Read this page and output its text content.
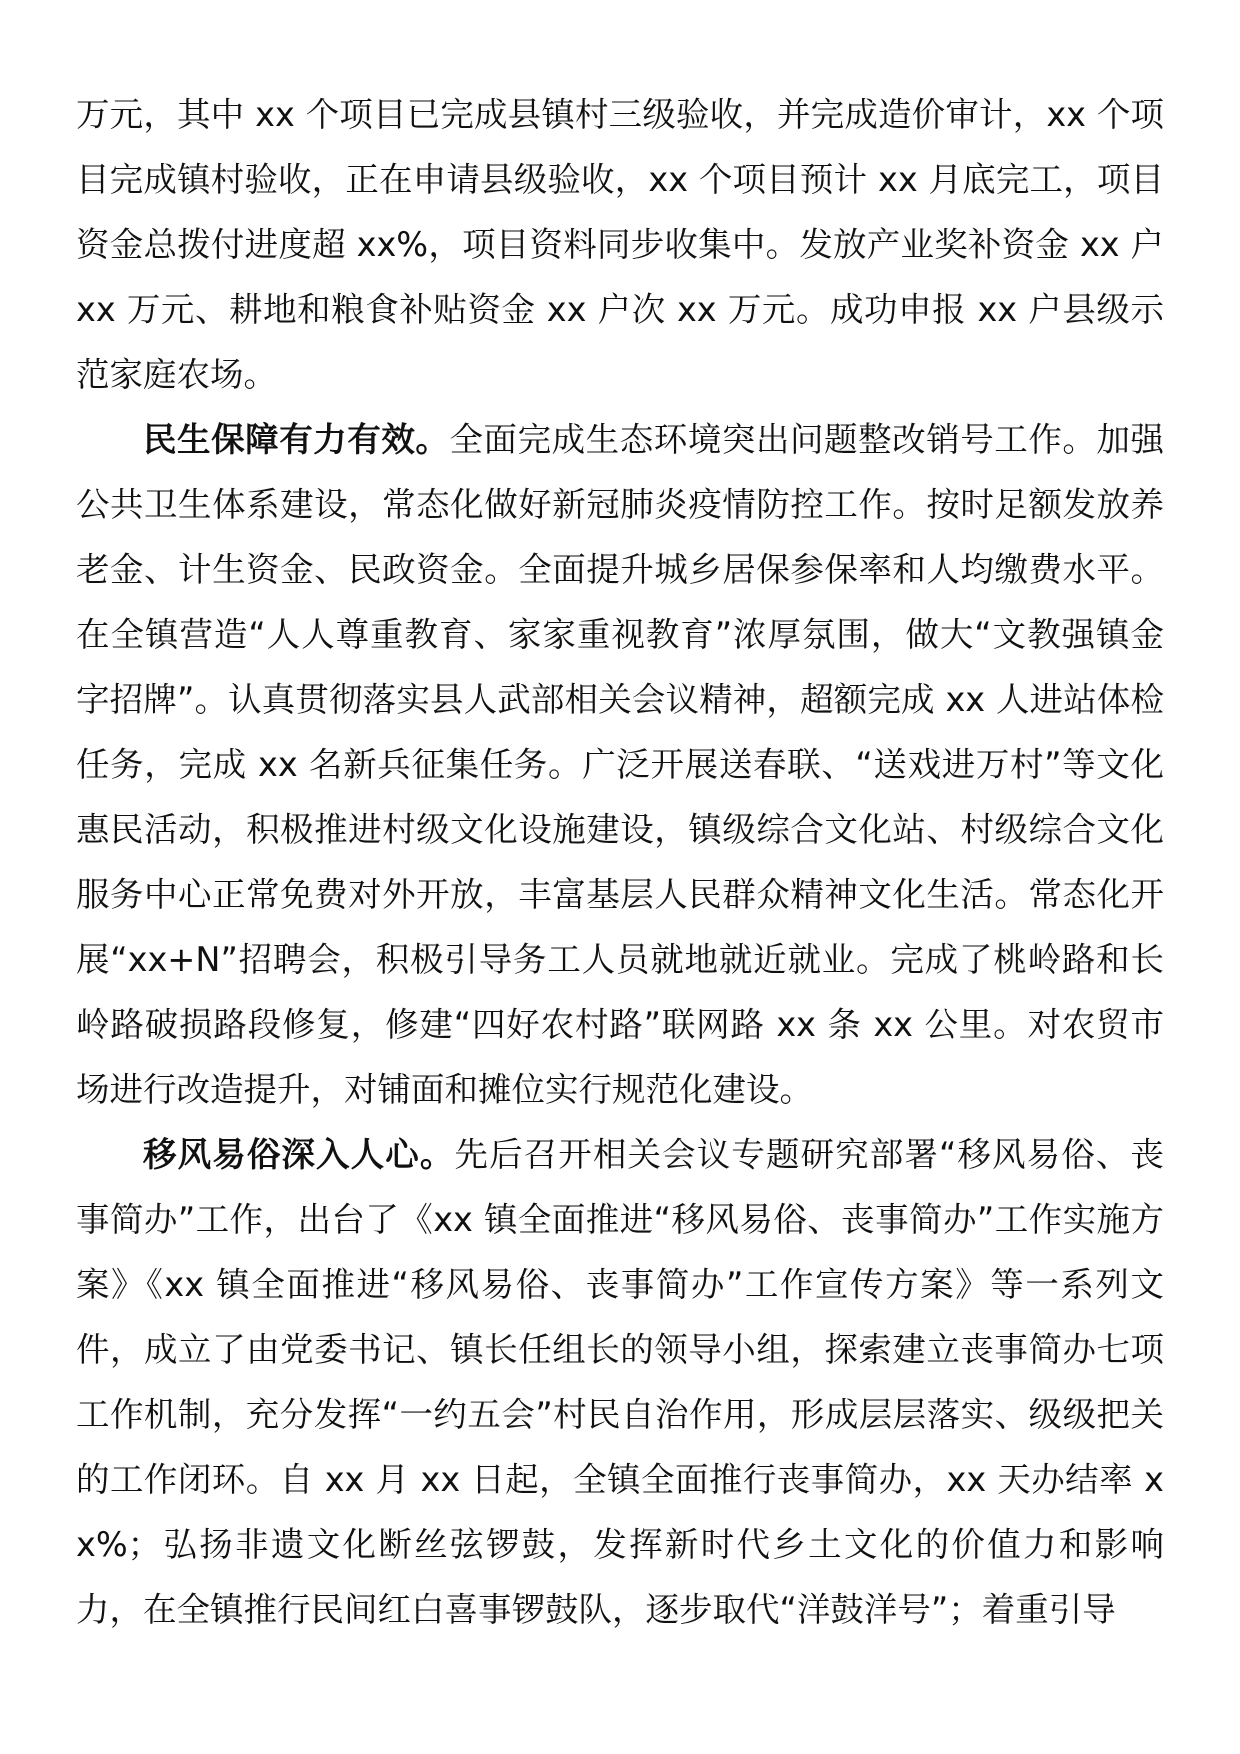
万元，其中 xx 个项目已完成县镇村三级验收，并完成造价审计，xx 个项目完成镇村验收，正在申请县级验收，xx 个项目预计 xx 月底完工，项目资金总拨付进度超 xx%，项目资料同步收集中。发放产业奖补资金 xx 户 xx 万元、耕地和粮食补贴资金 xx 户次 xx 万元。成功申报 xx 户县级示范家庭农场。

民生保障有力有效。全面完成生态环境突出问题整改销号工作。加强公共卫生体系建设，常态化做好新冠肺炎疫情防控工作。按时足额发放养老金、计生资金、民政资金。全面提升城乡居保参保率和人均缴费水平。在全镇营造“人人尊重教育、家家重视教育”浓厚氛围，做大“文教强镇金字招牌”。认真贯彻落实县人武部相关会议精神，超额完成 xx 人进站体检任务，完成 xx 名新兵征集任务。广泛开展送春联、“送戏进万村”等文化惠民活动，积极推进村级文化设施建设，镇级综合文化站、村级综合文化服务中心正常免费对外开放，丰富基层人民群众精神文化生活。常态化开展“xx+N”招聘会，积极引导务工人员就地就近就业。完成了桃岭路和长岭路破损路段修复，修建“四好农村路”联网路 xx 条 xx 公里。对农贸市场进行改造提升，对铺面和摊位实行规范化建设。

移风易俗深入人心。先后召开相关会议专题研究部署“移风易俗、丧事简办”工作，出台了《xx 镇全面推进“移风易俗、丧事简办”工作实施方案》《xx 镇全面推进“移风易俗、丧事简办”工作宣传方案》等一系列文件，成立了由党委书记、镇长任组长的领导小组，探索建立丧事简办七项工作机制，充分发挥“一约五会”村民自治作用，形成层层落实、级级把关的工作闭环。自 xx 月 xx 日起，全镇全面推行丧事简办，xx 天办结率 xx%；弘扬非遗文化断丝弦锣鼓，发挥新时代乡土文化的价值力和影响力，在全镇推行民间红白喜事锣鼓队，逐步取代“洋鼓洋号”；着重引导
